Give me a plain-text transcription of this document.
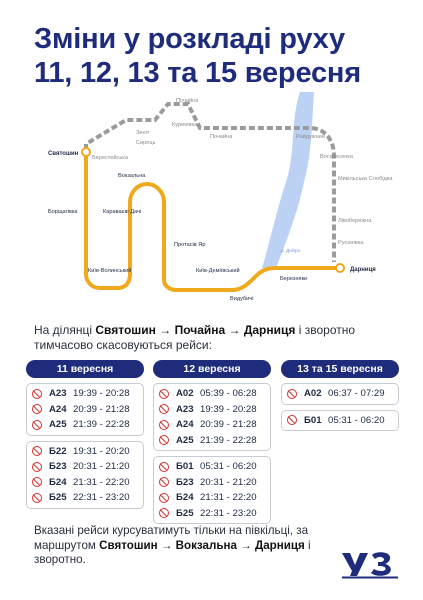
Зміни у розкладі руху
11, 12, 13 та 15 вересня
р. Дніпро
Святошин
Борщагівка	Караваєві Дачі
Вокзальна
Київ-Волинський
Протасів Яр
Київ-Деміївський
Видубичі
Березняки
Дарниця
Почайна
Куренівка
Зеніт
Сирець
Берестейська
Почайна	Райдужний
Воскресенка
Микільська Слобідка
Лівобережна
Русанівка
На ділянці Святошин → Почайна → Дарниця і зворотно тимчасово скасовуються рейси:
11 вересня
А23 19:39 - 20:28
А24 20:39 - 21:28
А25 21:39 - 22:28
Б22 19:31 - 20:20
Б23 20:31 - 21:20
Б24 21:31 - 22:20
Б25 22:31 - 23:20
12 вересня
А02 05:39 - 06:28
А23 19:39 - 20:28
А24 20:39 - 21:28
А25 21:39 - 22:28
Б01 05:31 - 06:20
Б23 20:31 - 21:20
Б24 21:31 - 22:20
Б25 22:31 - 23:20
13 та 15 вересня
А02 06:37 - 07:29
Б01 05:31 - 06:20
Вказані рейси курсуватимуть тільки на півкільці, за маршрутом Святошин → Вокзальна → Дарниця і зворотно.
